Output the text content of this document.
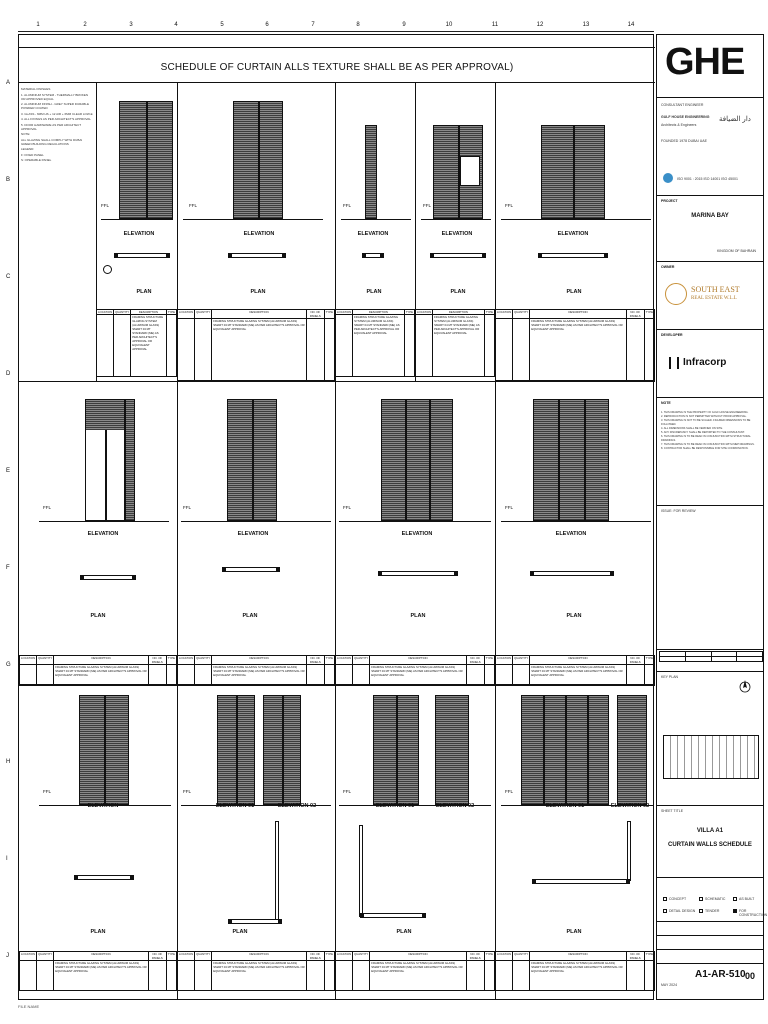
1	2	3	4	5	6	7	8	9	10	11	12	13	14
A
B
C
D
E
F
G
H
I
J
SCHEDULE OF CURTAIN ALLS TEXTURE SHALL BE AS PER APPROVAL)
MATERIAL FINISHES
1. ALUMINIUM SYSTEM - THERMALLY BROKEN OR APPROVED EQUAL
2. ALUMINIUM FINISH - GREY SUPER DURABLE POWDER COATED
3. GLASS - 6MM HS + 12 AIR + 6MM CLEAR LOW-E
4. ALL FIXINGS AS PER ARCHITECT'S APPROVAL
5. DOOR HARDWARE AS PER ARCHITECT APPROVAL
NOTE:
ALL GLAZING SHALL COMPLY WITH DUBAI GREEN BUILDING REGULATIONS
LEGEND:
F: FIXED PANEL
S: OPERABLE PANEL
FFL
ELEVATION
PLAN
FFL
ELEVATION
PLAN
FFL
ELEVATION
PLAN
FFL
ELEVATION
PLAN
FFL
ELEVATION
PLAN
LOCATION	QUANTITY	DESCRIPTION	TYPE
		FRAMING STRUCTURE GLAZING SYSTEM (ALUMINUM GLASS) SMART 04 MT STANDARD (ME) AS PER ARCHITECT'S APPROVAL OR EQUIVALENT APPROVAL	
LOCATION	QUANTITY	DESCRIPTION	NO. OF PANELS	TYPE
		FRAMING STRUCTURE GLAZING SYSTEM (ALUMINUM GLASS) SMART 04 MT STANDARD (ME) AS PER ARCHITECT'S APPROVAL OR EQUIVALENT APPROVAL		
LOCATION	DESCRIPTION	TYPE
	FRAMING STRUCTURE GLAZING SYSTEM (ALUMINUM GLASS) SMART 04 MT STANDARD (ME) AS PER ARCHITECT'S APPROVAL OR EQUIVALENT APPROVAL	
LOCATION	DESCRIPTION	TYPE
	FRAMING STRUCTURE GLAZING SYSTEM (ALUMINUM GLASS) SMART 04 MT STANDARD (ME) AS PER ARCHITECT'S APPROVAL OR EQUIVALENT APPROVAL	
LOCATION	QUANTITY	DESCRIPTION	NO. OF PANELS	TYPE
		FRAMING STRUCTURE GLAZING SYSTEM (ALUMINUM GLASS) SMART 04 MT STANDARD (ME) AS PER ARCHITECT'S APPROVAL OR EQUIVALENT APPROVAL		
FFL
ELEVATION
PLAN
FFL
ELEVATION
PLAN
FFL
ELEVATION
PLAN
FFL
ELEVATION
PLAN
LOCATION	QUANTITY	DESCRIPTION	NO. OF PANELS	TYPE
		FRAMING STRUCTURE GLAZING SYSTEM (ALUMINUM GLASS) SMART 04 MT STANDARD (ME) AS PER ARCHITECT'S APPROVAL OR EQUIVALENT APPROVAL		
LOCATION	QUANTITY	DESCRIPTION	NO. OF PANELS	TYPE
		FRAMING STRUCTURE GLAZING SYSTEM (ALUMINUM GLASS) SMART 04 MT STANDARD (ME) AS PER ARCHITECT'S APPROVAL OR EQUIVALENT APPROVAL		
LOCATION	QUANTITY	DESCRIPTION	NO. OF PANELS	TYPE
		FRAMING STRUCTURE GLAZING SYSTEM (ALUMINUM GLASS) SMART 04 MT STANDARD (ME) AS PER ARCHITECT'S APPROVAL OR EQUIVALENT APPROVAL		
LOCATION	QUANTITY	DESCRIPTION	NO. OF PANELS	TYPE
		FRAMING STRUCTURE GLAZING SYSTEM (ALUMINUM GLASS) SMART 04 MT STANDARD (ME) AS PER ARCHITECT'S APPROVAL OR EQUIVALENT APPROVAL		
FFL
ELEVATION
PLAN
FFL
ELEVATION 01	ELEVATION 02
PLAN
FFL
ELEVATION 01	ELEVATION 02
PLAN
FFL
ELEVATION 01	ELEVATION 02
PLAN
LOCATION	QUANTITY	DESCRIPTION	NO. OF PANELS	TYPE
		FRAMING STRUCTURE GLAZING SYSTEM (ALUMINUM GLASS) SMART 04 MT STANDARD (ME) AS PER ARCHITECT'S APPROVAL OR EQUIVALENT APPROVAL		
LOCATION	QUANTITY	DESCRIPTION	NO. OF PANELS	TYPE
		FRAMING STRUCTURE GLAZING SYSTEM (ALUMINUM GLASS) SMART 04 MT STANDARD (ME) AS PER ARCHITECT'S APPROVAL OR EQUIVALENT APPROVAL		
LOCATION	QUANTITY	DESCRIPTION	NO. OF PANELS	TYPE
		FRAMING STRUCTURE GLAZING SYSTEM (ALUMINUM GLASS) SMART 04 MT STANDARD (ME) AS PER ARCHITECT'S APPROVAL OR EQUIVALENT APPROVAL		
LOCATION	QUANTITY	DESCRIPTION	NO. OF PANELS	TYPE
		FRAMING STRUCTURE GLAZING SYSTEM (ALUMINUM GLASS) SMART 04 MT STANDARD (ME) AS PER ARCHITECT'S APPROVAL OR EQUIVALENT APPROVAL		
GHE
CONSULTANT ENGINEER
GULF HOUSE ENGINEERING
Architects & Engineers
دار الضيافة
FOUNDED 1978 DUBAI UAE
ISO 9001 : 2015 ISO 14001 ISO 45001
PROJECT
MARINA BAY
KINGDOM OF BAHRAIN
OWNER
SOUTH EAST
REAL ESTATE W.L.L
DEVELOPER
Infracorp
NOTE
1. THIS DRAWING IS THE PROPERTY OF GULF HOUSE ENGINEERING.
2. REPRODUCTION IS NOT PERMITTED WITHOUT PRIOR APPROVAL.
3. THIS DRAWING IS NOT TO BE SCALED. FIGURED DIMENSIONS TO BE FOLLOWED.
4. ALL DIMENSIONS SHALL BE VERIFIED ON SITE.
5. ANY DISCREPANCY SHALL BE REPORTED TO THE CONSULTANT.
6. THIS DRAWING IS TO BE READ IN CONJUNCTION WITH STRUCTURAL DRAWINGS.
7. THIS DRAWING IS TO BE READ IN CONJUNCTION WITH MEP DRAWINGS.
8. CONTRACTOR SHALL BE RESPONSIBLE FOR SITE COORDINATION.
ISSUE: FOR REVIEW

KEY PLAN
SHEET TITLE
VILLA A1
CURTAIN WALLS SCHEDULE
CONCEPT	SCHEMATIC	AS BUILT
DETAIL DESIGN	TENDER	FOR CONSTRUCTION
A1-AR-510 00
MAY 2024
FILE NAME
